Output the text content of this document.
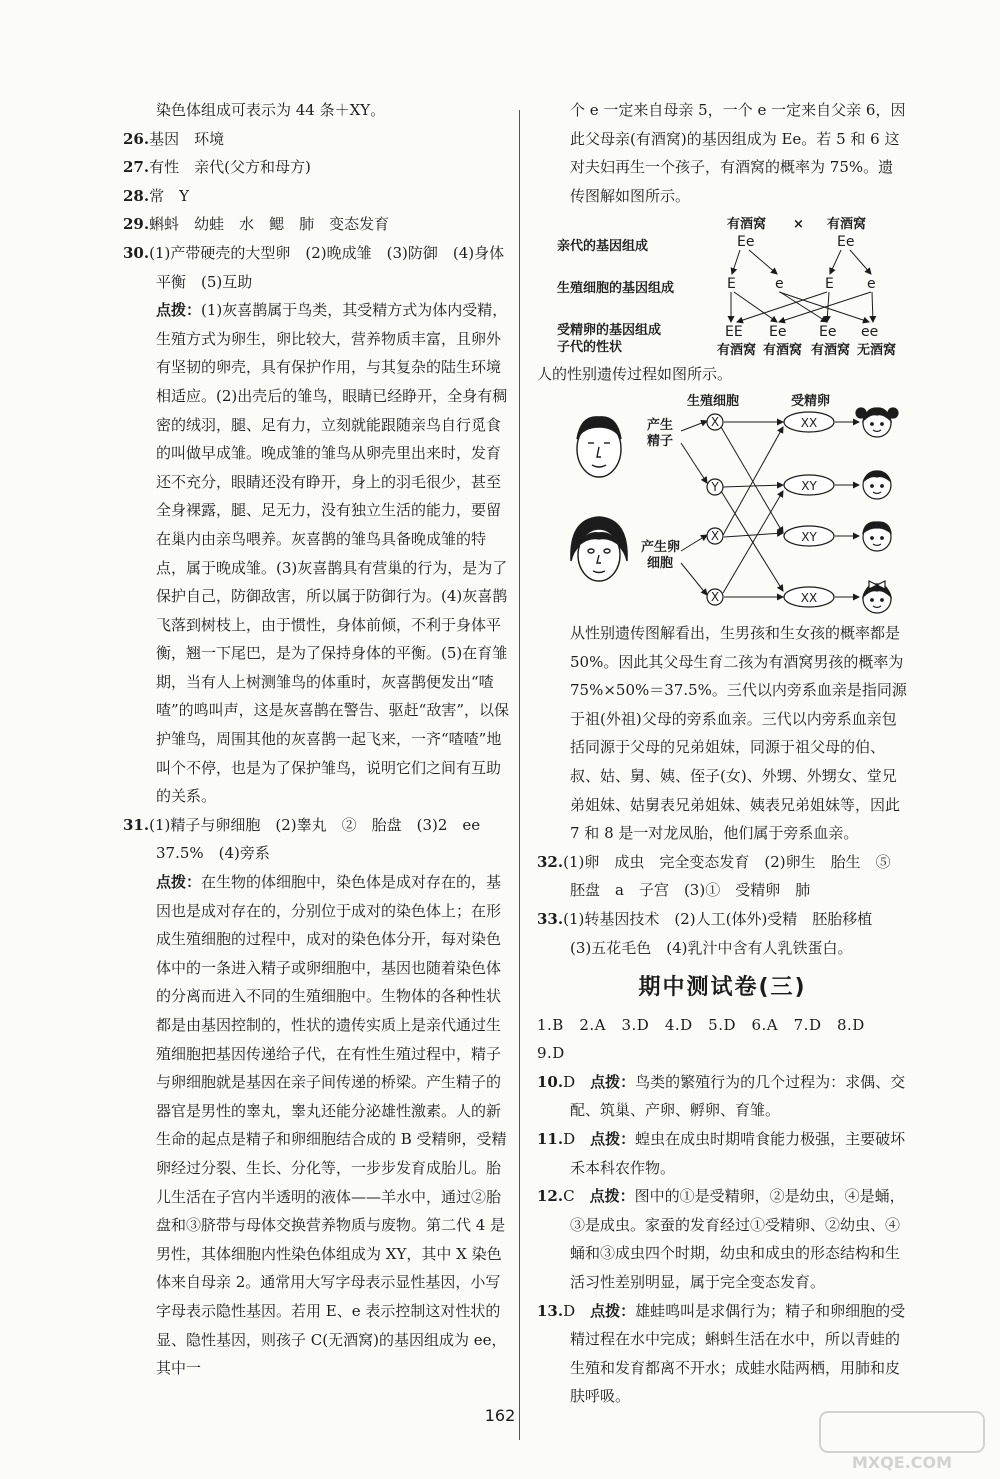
染色体组成可表示为 44 条＋XY。

26.基因　环境

27.有性　亲代(父方和母方)

28.常　Y

29.蝌蚪　幼蛙　水　鳃　肺　变态发育

30.(1)产带硬壳的大型卵　(2)晚成雏　(3)防御　(4)身体平衡　(5)互助

点拨：(1)灰喜鹊属于鸟类，其受精方式为体内受精，生殖方式为卵生，卵比较大，营养物质丰富，且卵外有坚韧的卵壳，具有保护作用，与其复杂的陆生环境相适应。(2)出壳后的雏鸟，眼睛已经睁开，全身有稠密的绒羽，腿、足有力，立刻就能跟随亲鸟自行觅食的叫做早成雏。晚成雏的雏鸟从卵壳里出来时，发育还不充分，眼睛还没有睁开，身上的羽毛很少，甚至全身裸露，腿、足无力，没有独立生活的能力，要留在巢内由亲鸟喂养。灰喜鹊的雏鸟具备晚成雏的特点，属于晚成雏。(3)灰喜鹊具有营巢的行为，是为了保护自己，防御敌害，所以属于防御行为。(4)灰喜鹊飞落到树枝上，由于惯性，身体前倾，不利于身体平衡，翘一下尾巴，是为了保持身体的平衡。(5)在育雏期，当有人上树测雏鸟的体重时，灰喜鹊便发出“喳喳”的鸣叫声，这是灰喜鹊在警告、驱赶“敌害”，以保护雏鸟，周围其他的灰喜鹊一起飞来，一齐“喳喳”地叫个不停，也是为了保护雏鸟，说明它们之间有互助的关系。

31.(1)精子与卵细胞　(2)睾丸　②　胎盘　(3)2　ee　37.5%　(4)旁系

点拨：在生物的体细胞中，染色体是成对存在的，基因也是成对存在的，分别位于成对的染色体上；在形成生殖细胞的过程中，成对的染色体分开，每对染色体中的一条进入精子或卵细胞中，基因也随着染色体的分离而进入不同的生殖细胞中。生物体的各种性状都是由基因控制的，性状的遗传实质上是亲代通过生殖细胞把基因传递给子代，在有性生殖过程中，精子与卵细胞就是基因在亲子间传递的桥梁。产生精子的器官是男性的睾丸，睾丸还能分泌雄性激素。人的新生命的起点是精子和卵细胞结合成的 B 受精卵，受精卵经过分裂、生长、分化等，一步步发育成胎儿。胎儿生活在子宫内半透明的液体——羊水中，通过②胎盘和③脐带与母体交换营养物质与废物。第二代 4 是男性，其体细胞内性染色体组成为 XY，其中 X 染色体来自母亲 2。通常用大写字母表示显性基因，小写字母表示隐性基因。若用 E、e 表示控制这对性状的显、隐性基因，则孩子 C(无酒窝)的基因组成为 ee，其中一

个 e 一定来自母亲 5，一个 e 一定来自父亲 6，因此父母亲(有酒窝)的基因组成为 Ee。若 5 和 6 这对夫妇再生一个孩子，有酒窝的概率为 75%。遗传图解如图所示。

亲代的基因组成
生殖细胞的基因组成
受精卵的基因组成
子代的性状
有酒窝 × 有酒窝
Ee	Ee
E	e	E e
EE Ee Ee ee
有酒窝 有酒窝 有酒窝 无酒窝

人的性别遗传过程如图所示。

生殖细胞	受精卵
产生
精子
产生卵
细胞
X
Y
X
X
XX
XY
XY
XX

从性别遗传图解看出，生男孩和生女孩的概率都是 50%。因此其父母生育二孩为有酒窝男孩的概率为 75%×50%＝37.5%。三代以内旁系血亲是指同源于祖(外祖)父母的旁系血亲。三代以内旁系血亲包括同源于父母的兄弟姐妹，同源于祖父母的伯、叔、姑、舅、姨、侄子(女)、外甥、外甥女、堂兄弟姐妹、姑舅表兄弟姐妹、姨表兄弟姐妹等，因此 7 和 8 是一对龙凤胎，他们属于旁系血亲。

32.(1)卵　成虫　完全变态发育　(2)卵生　胎生　⑤　胚盘　a　子宫　(3)①　受精卵　肺

33.(1)转基因技术　(2)人工(体外)受精　胚胎移植　(3)五花毛色　(4)乳汁中含有人乳铁蛋白。

期中测试卷(三)

1.B　2.A　3.D　4.D　5.D　6.A　7.D　8.D　9.D

10.D　 点拨：鸟类的繁殖行为的几个过程为：求偶、交配、筑巢、产卵、孵卵、育雏。

11.D　 点拨：蝗虫在成虫时期啃食能力极强，主要破坏禾本科农作物。

12.C　 点拨：图中的①是受精卵，②是幼虫，④是蛹，③是成虫。家蚕的发育经过①受精卵、②幼虫、④蛹和③成虫四个时期，幼虫和成虫的形态结构和生活习性差别明显，属于完全变态发育。

13.D　 点拨：雄蛙鸣叫是求偶行为；精子和卵细胞的受精过程在水中完成；蝌蚪生活在水中，所以青蛙的生殖和发育都离不开水；成蛙水陆两栖，用肺和皮肤呼吸。

162
MXQE.COM
